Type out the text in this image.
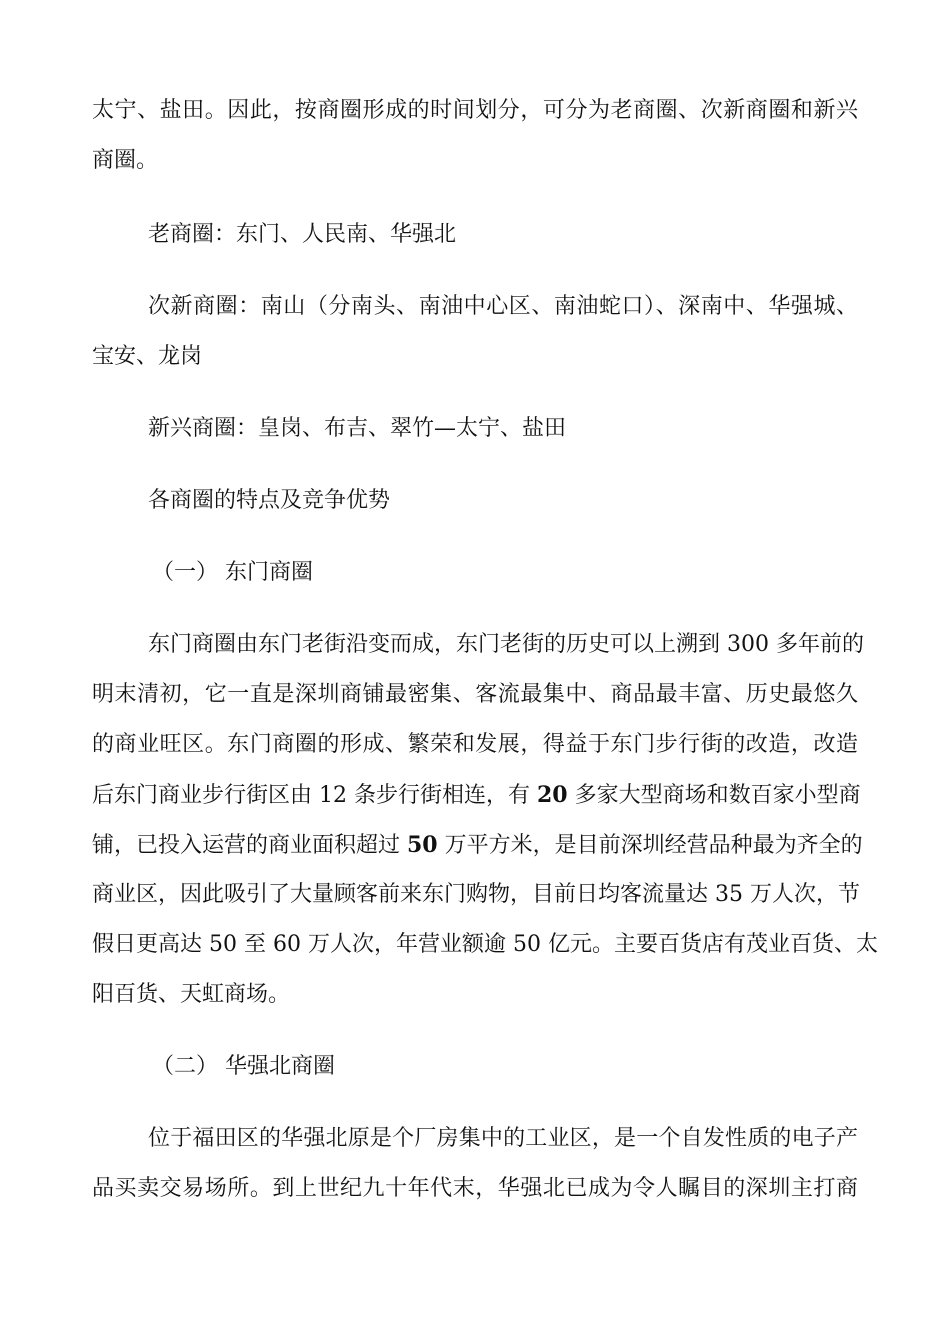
太宁、盐田。因此，按商圈形成的时间划分，可分为老商圈、次新商圈和新兴
商圈。
老商圈：东门、人民南、华强北
次新商圈：南山（分南头、南油中心区、南油蛇口）、深南中、华强城、
宝安、龙岗
新兴商圈：皇岗、布吉、翠竹—太宁、盐田
各商圈的特点及竞争优势
（一） 东门商圈
东门商圈由东门老街沿变而成，东门老街的历史可以上溯到 300 多年前的
明末清初，它一直是深圳商铺最密集、客流最集中、商品最丰富、历史最悠久
的商业旺区。东门商圈的形成、繁荣和发展，得益于东门步行街的改造，改造
后东门商业步行街区由 12 条步行街相连，有 20 多家大型商场和数百家小型商
铺，已投入运营的商业面积超过 50 万平方米，是目前深圳经营品种最为齐全的
商业区，因此吸引了大量顾客前来东门购物，目前日均客流量达 35 万人次，节
假日更高达 50 至 60 万人次，年营业额逾 50 亿元。主要百货店有茂业百货、太
阳百货、天虹商场。
（二） 华强北商圈
位于福田区的华强北原是个厂房集中的工业区，是一个自发性质的电子产
品买卖交易场所。到上世纪九十年代末，华强北已成为令人瞩目的深圳主打商
